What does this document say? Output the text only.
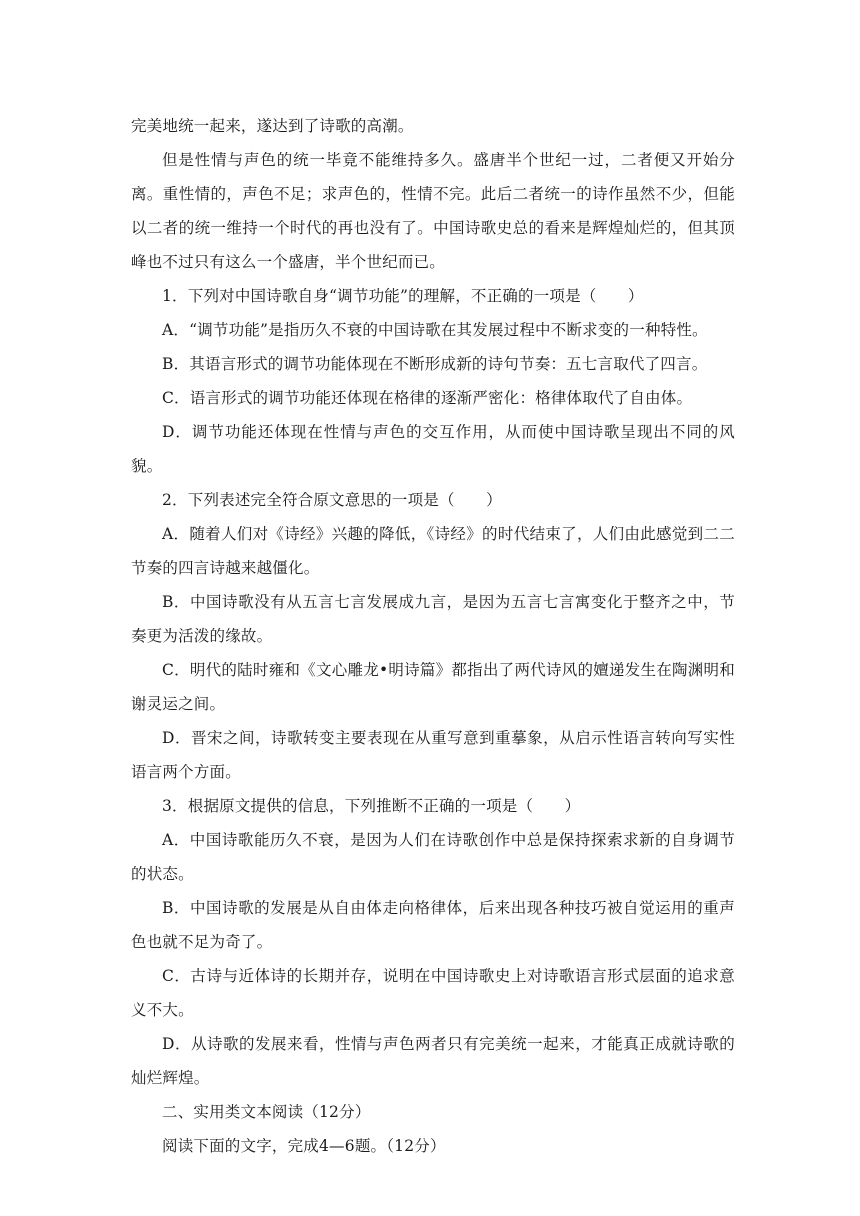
完美地统一起来，遂达到了诗歌的高潮。

但是性情与声色的统一毕竟不能维持多久。盛唐半个世纪一过，二者便又开始分离。重性情的，声色不足；求声色的，性情不完。此后二者统一的诗作虽然不少，但能以二者的统一维持一个时代的再也没有了。中国诗歌史总的看来是辉煌灿烂的，但其顶峰也不过只有这么一个盛唐，半个世纪而已。

1．下列对中国诗歌自身“调节功能”的理解，不正确的一项是（　　）

A．“调节功能”是指历久不衰的中国诗歌在其发展过程中不断求变的一种特性。

B．其语言形式的调节功能体现在不断形成新的诗句节奏：五七言取代了四言。

C．语言形式的调节功能还体现在格律的逐渐严密化：格律体取代了自由体。

D．调节功能还体现在性情与声色的交互作用，从而使中国诗歌呈现出不同的风貌。

2．下列表述完全符合原文意思的一项是（　　）

A．随着人们对《诗经》兴趣的降低，《诗经》的时代结束了，人们由此感觉到二二节奏的四言诗越来越僵化。

B．中国诗歌没有从五言七言发展成九言，是因为五言七言寓变化于整齐之中，节奏更为活泼的缘故。

C．明代的陆时雍和《文心雕龙•明诗篇》都指出了两代诗风的嬗递发生在陶渊明和谢灵运之间。

D．晋宋之间，诗歌转变主要表现在从重写意到重摹象，从启示性语言转向写实性语言两个方面。

3．根据原文提供的信息，下列推断不正确的一项是（　　）

A．中国诗歌能历久不衰，是因为人们在诗歌创作中总是保持探索求新的自身调节的状态。

B．中国诗歌的发展是从自由体走向格律体，后来出现各种技巧被自觉运用的重声色也就不足为奇了。

C．古诗与近体诗的长期并存，说明在中国诗歌史上对诗歌语言形式层面的追求意义不大。

D．从诗歌的发展来看，性情与声色两者只有完美统一起来，才能真正成就诗歌的灿烂辉煌。

二、实用类文本阅读（12分）

阅读下面的文字，完成4—6题。（12分）
